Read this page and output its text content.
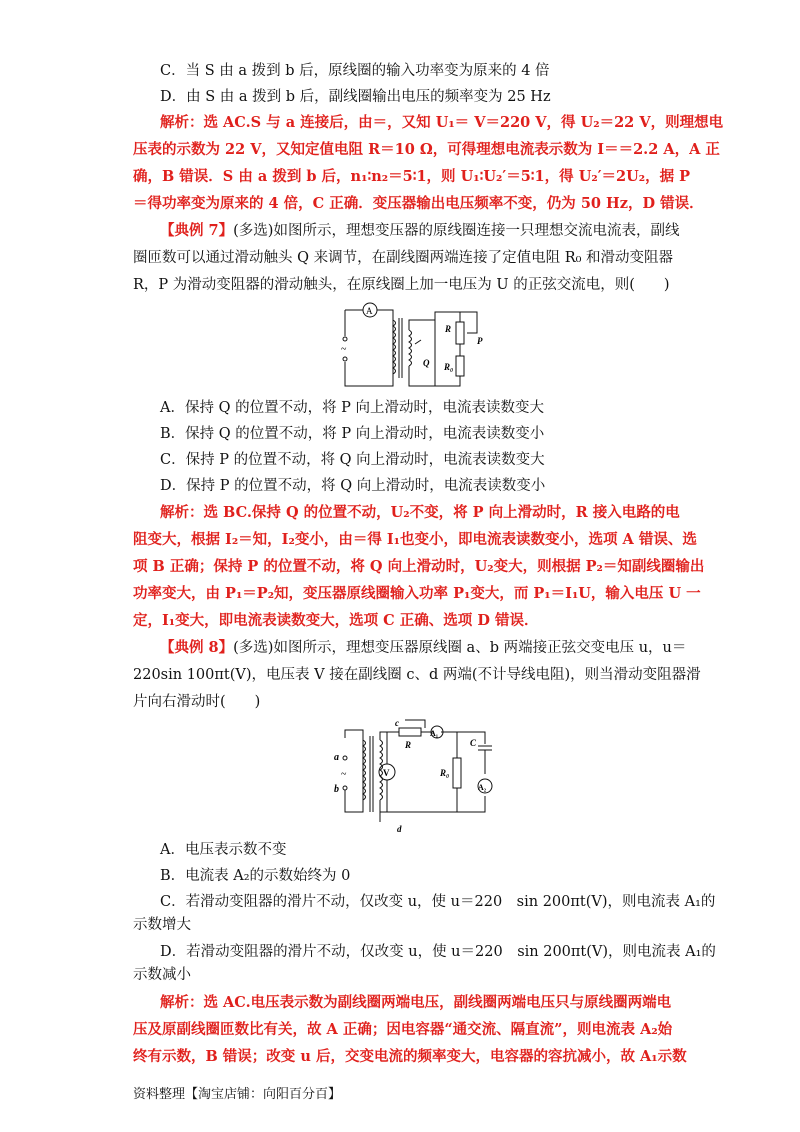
C．当 S 由 a 拨到 b 后，原线圈的输入功率变为原来的 4 倍
D．由 S 由 a 拨到 b 后，副线圈输出电压的频率变为 25 Hz
解析：选 AC.S 与 a 连接后，由＝，又知 U₁＝ V＝220 V，得 U₂＝22 V，则理想电
压表的示数为 22 V，又知定值电阻 R＝10 Ω，可得理想电流表示数为 I＝＝2.2 A，A 正
确，B 错误．S 由 a 拨到 b 后，n₁∶n₂＝5∶1，则 U₁∶U₂′＝5∶1，得 U₂′＝2U₂，据 P
＝得功率变为原来的 4 倍，C 正确．变压器输出电压频率不变，仍为 50 Hz，D 错误．
【典例 7】(多选)如图所示，理想变压器的原线圈连接一只理想交流电流表，副线
圈匝数可以通过滑动触头 Q 来调节，在副线圈两端连接了定值电阻 R₀ 和滑动变阻器
R，P 为滑动变阻器的滑动触头，在原线圈上加一电压为 U 的正弦交流电，则(　　)
A
~
R
P
Q R₀
A．保持 Q 的位置不动，将 P 向上滑动时，电流表读数变大
B．保持 Q 的位置不动，将 P 向上滑动时，电流表读数变小
C．保持 P 的位置不动，将 Q 向上滑动时，电流表读数变大
D．保持 P 的位置不动，将 Q 向上滑动时，电流表读数变小
解析：选 BC.保持 Q 的位置不动，U₂不变，将 P 向上滑动时，R 接入电路的电
阻变大，根据 I₂＝知，I₂变小，由＝得 I₁也变小，即电流表读数变小，选项 A 错误、选
项 B 正确；保持 P 的位置不动，将 Q 向上滑动时，U₂变大，则根据 P₂＝知副线圈输出
功率变大，由 P₁＝P₂知，变压器原线圈输入功率 P₁变大，而 P₁＝I₁U，输入电压 U 一
定，I₁变大，即电流表读数变大，选项 C 正确、选项 D 错误．
【典例 8】(多选)如图所示，理想变压器原线圈 a、b 两端接正弦交变电压 u，u＝
220sin 100πt(V)，电压表 V 接在副线圈 c、d 两端(不计导线电阻)，则当滑动变阻器滑
片向右滑动时(　　)
a
~
b
c
d
V
R
A₁
R₀
C
A₂
A．电压表示数不变
B．电流表 A₂的示数始终为 0
C．若滑动变阻器的滑片不动，仅改变 u，使 u＝220　sin 200πt(V)，则电流表 A₁的
示数增大
D．若滑动变阻器的滑片不动，仅改变 u，使 u＝220　sin 200πt(V)，则电流表 A₁的
示数减小
解析：选 AC.电压表示数为副线圈两端电压，副线圈两端电压只与原线圈两端电
压及原副线圈匝数比有关，故 A 正确；因电容器“通交流、隔直流”，则电流表 A₂始
终有示数，B 错误；改变 u 后，交变电流的频率变大，电容器的容抗减小，故 A₁示数
资料整理【淘宝店铺：向阳百分百】
